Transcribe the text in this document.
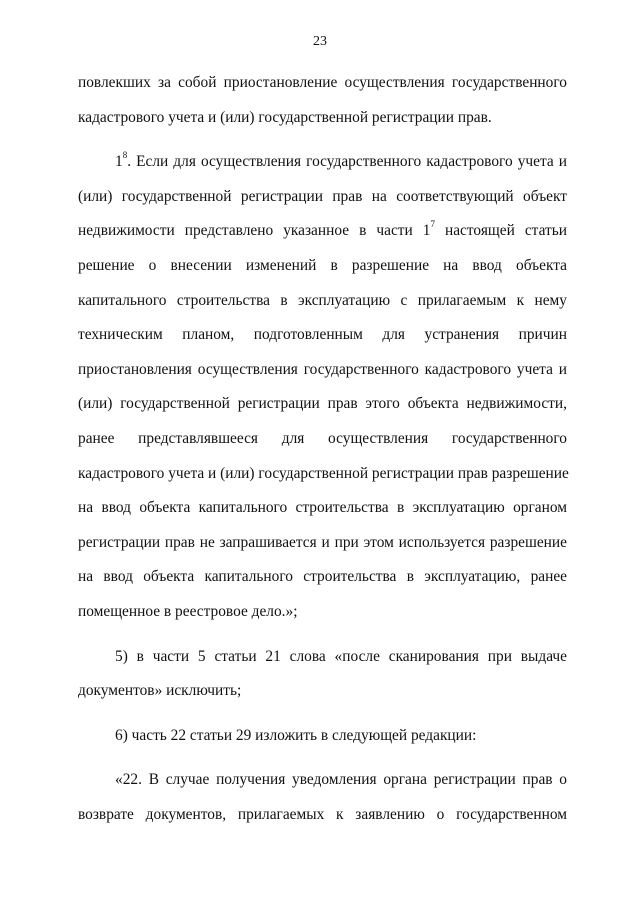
23
повлекших за собой приостановление осуществления государственного
кадастрового учета и (или) государственной регистрации прав.
$1^8$. Если для осуществления государственного кадастрового учета и
(или) государственной регистрации прав на соответствующий объект
недвижимости представлено указанное в части $1^7$ настоящей статьи
решение о внесении изменений в разрешение на ввод объекта
капитального строительства в эксплуатацию с прилагаемым к нему
техническим планом, подготовленным для устранения причин
приостановления осуществления государственного кадастрового учета и
(или) государственной регистрации прав этого объекта недвижимости,
ранее представлявшееся для осуществления государственного
кадастрового учета и (или) государственной регистрации прав разрешение
на ввод объекта капитального строительства в эксплуатацию органом
регистрации прав не запрашивается и при этом используется разрешение
на ввод объекта капитального строительства в эксплуатацию, ранее
помещенное в реестровое дело.»;
5) в части 5 статьи 21 слова «после сканирования при выдаче
документов» исключить;
6) часть 22 статьи 29 изложить в следующей редакции:
«22. В случае получения уведомления органа регистрации прав о
возврате документов, прилагаемых к заявлению о государственном
